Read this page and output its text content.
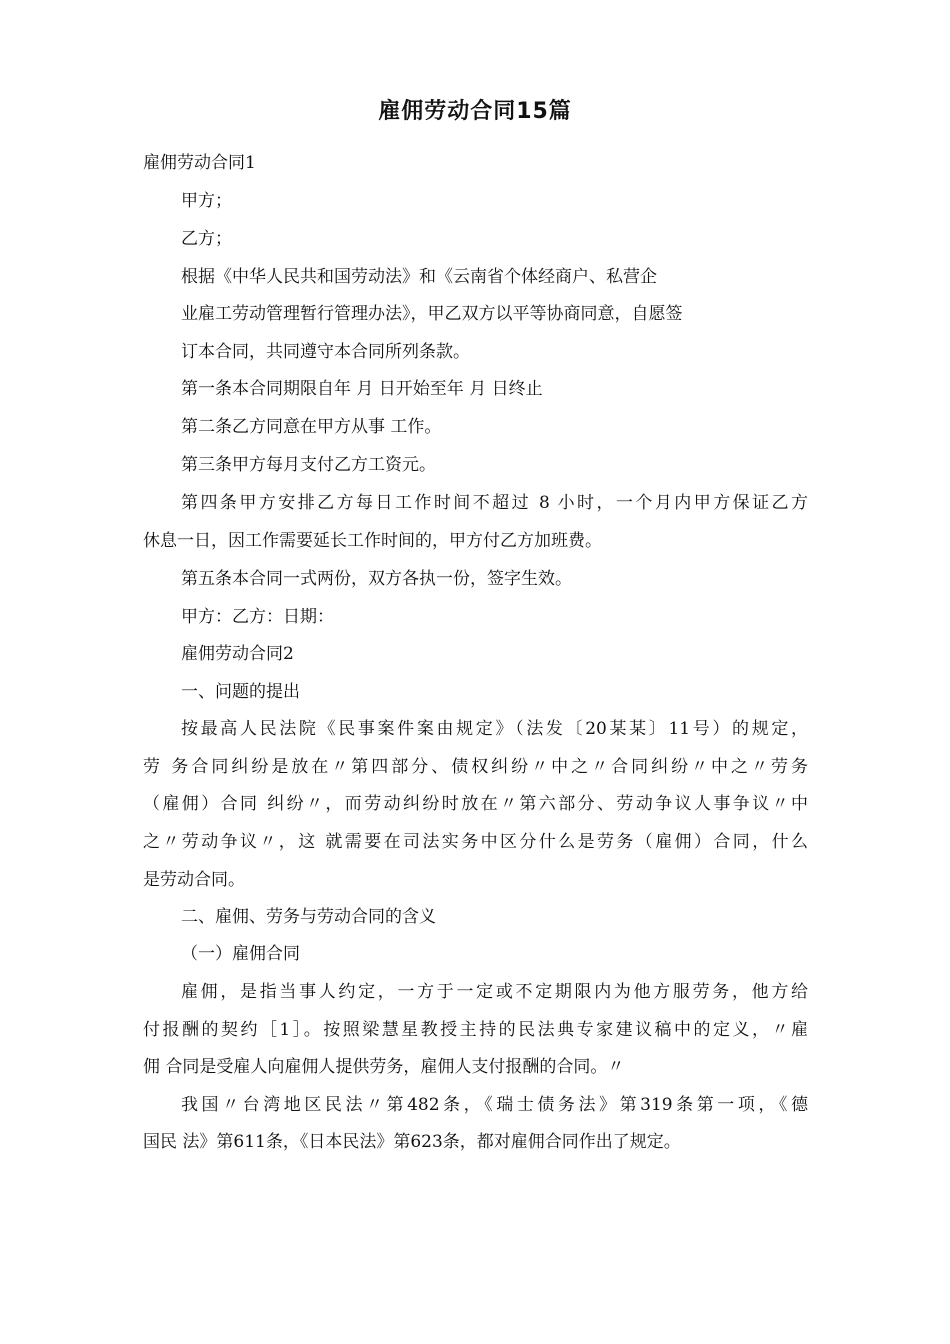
雇佣劳动合同15篇
雇佣劳动合同1
甲方；
乙方；
根据《中华人民共和国劳动法》和《云南省个体经商户、私营企
业雇工劳动管理暂行管理办法》，甲乙双方以平等协商同意，自愿签
订本合同，共同遵守本合同所列条款。
第一条本合同期限自年 月 日开始至年 月 日终止
第二条乙方同意在甲方从事 工作。
第三条甲方每月支付乙方工资元。
第四条甲方安排乙方每日工作时间不超过 8 小时，一个月内甲方保证乙方
休息一日，因工作需要延长工作时间的，甲方付乙方加班费。
第五条本合同一式两份，双方各执一份，签字生效。
甲方：乙方：日期：
雇佣劳动合同2
一、问题的提出
按最高人民法院《民事案件案由规定》（法发〔20某某〕11号）的规定，
劳 务合同纠纷是放在〃第四部分、债权纠纷〃中之〃合同纠纷〃中之〃劳务
（雇佣）合同 纠纷〃，而劳动纠纷时放在〃第六部分、劳动争议人事争议〃中
之〃劳动争议〃，这 就需要在司法实务中区分什么是劳务（雇佣）合同，什么
是劳动合同。
二、雇佣、劳务与劳动合同的含义
（一）雇佣合同
雇佣，是指当事人约定，一方于一定或不定期限内为他方服劳务，他方给
付报酬的契约［1］。按照梁慧星教授主持的民法典专家建议稿中的定义，〃雇
佣 合同是受雇人向雇佣人提供劳务，雇佣人支付报酬的合同。〃
我国〃台湾地区民法〃第482条，《瑞士债务法》第319条第一项，《德
国民 法》第611条，《日本民法》第623条，都对雇佣合同作出了规定。
